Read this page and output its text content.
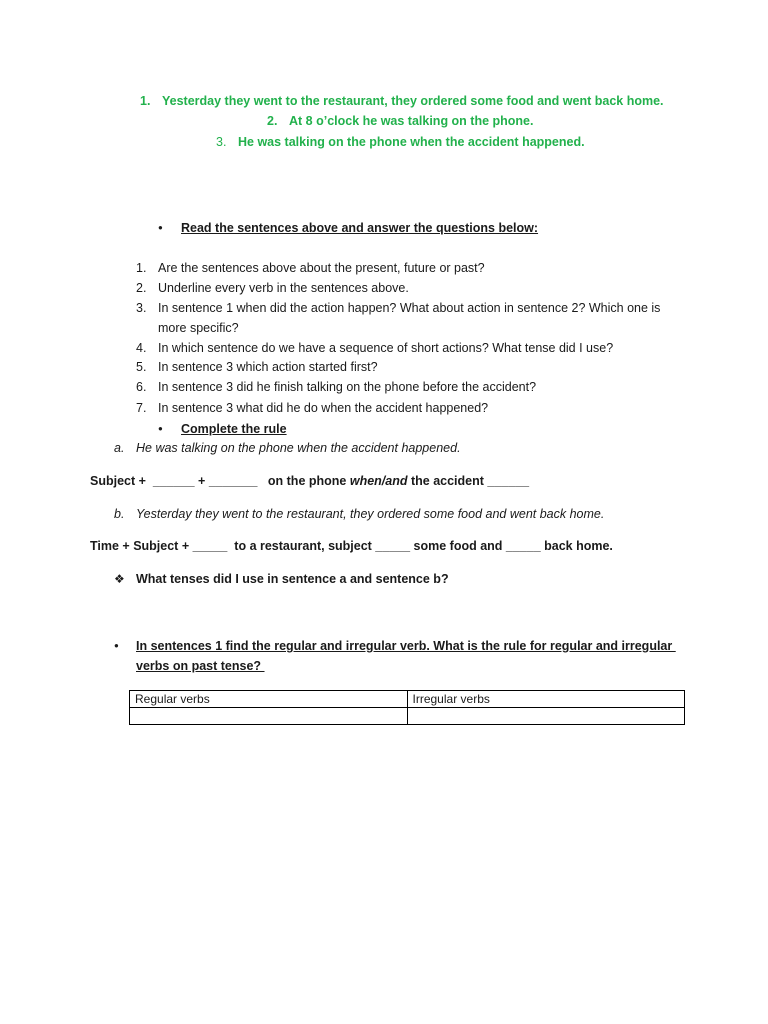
1. Yesterday they went to the restaurant, they ordered some food and went back home.
2. At 8 o’clock he was talking on the phone.
3. He was talking on the phone when the accident happened.
● Read the sentences above and answer the questions below:
1. Are the sentences above about the present, future or past?
2. Underline every verb in the sentences above.
3. In sentence 1 when did the action happen? What about action in sentence 2? Which one is
more specific?
4. In which sentence do we have a sequence of short actions? What tense did I use?
5. In sentence 3 which action started first?
6. In sentence 3 did he finish talking on the phone before the accident?
7. In sentence 3 what did he do when the accident happened?
● Complete the rule
a. He was talking on the phone when the accident happened.
Subject +  ______ + _______   on the phone when/and the accident ______
b. Yesterday they went to the restaurant, they ordered some food and went back home.
Time + Subject + _____  to a restaurant, subject _____ some food and _____ back home.
❖ What tenses did I use in sentence a and sentence b?
● In sentences 1 find the regular and irregular verb. What is the rule for regular and irregular
verbs on past tense?
Regular verbs	Irregular verbs
